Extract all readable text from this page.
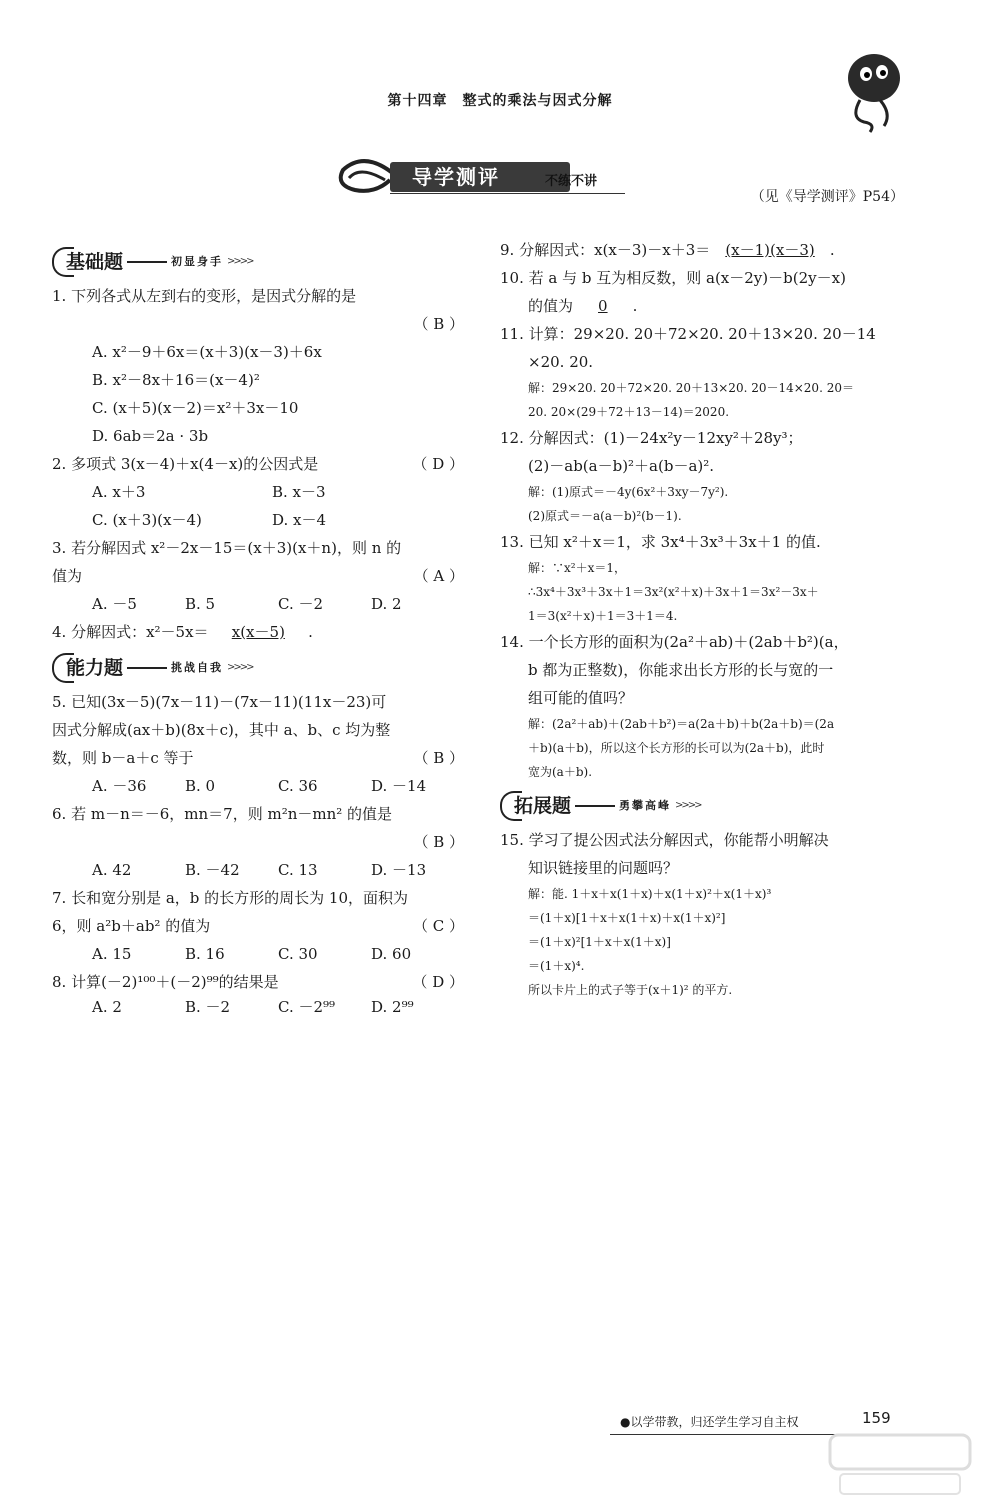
第十四章　整式的乘法与因式分解
导学测评	不练不讲
（见《导学测评》P54）
基础题	初显身手 >>>>
1. 下列各式从左到右的变形，是因式分解的是
（ B ）
A. x²－9＋6x＝(x＋3)(x－3)＋6x
B. x²－8x＋16＝(x－4)²
C. (x＋5)(x－2)＝x²＋3x－10
D. 6ab＝2a · 3b
2. 多项式 3(x－4)＋x(4－x)的公因式是	（ D ）
A. x＋3	B. x－3
C. (x＋3)(x－4)	D. x－4
3. 若分解因式 x²－2x－15＝(x＋3)(x＋n)，则 n 的
值为	（ A ）
A. －5	B. 5	C. －2	D. 2
4. 分解因式：x²－5x＝ x(x－5) .
能力题	挑战自我 >>>>
5. 已知(3x－5)(7x－11)－(7x－11)(11x－23)可
因式分解成(ax＋b)(8x＋c)，其中 a、b、c 均为整
数，则 b－a＋c 等于	（ B ）
A. －36	B. 0	C. 36	D. －14
6. 若 m－n＝－6，mn＝7，则 m²n－mn² 的值是
（ B ）
A. 42	B. －42	C. 13	D. －13
7. 长和宽分别是 a，b 的长方形的周长为 10，面积为
6，则 a²b＋ab² 的值为	（ C ）
A. 15	B. 16	C. 30	D. 60
8. 计算(－2)¹⁰⁰＋(－2)⁹⁹的结果是	（ D ）
A. 2	B. －2	C. －2⁹⁹	D. 2⁹⁹
9. 分解因式：x(x－3)－x＋3＝ (x－1)(x－3) .
10. 若 a 与 b 互为相反数，则 a(x－2y)－b(2y－x)
的值为 0 .
11. 计算：29×20. 20＋72×20. 20＋13×20. 20－14
×20. 20.
解：29×20. 20＋72×20. 20＋13×20. 20－14×20. 20＝
20. 20×(29＋72＋13－14)＝2020.
12. 分解因式：(1)－24x²y－12xy²＋28y³；
(2)－ab(a－b)²＋a(b－a)².
解：(1)原式＝－4y(6x²＋3xy－7y²).
(2)原式＝－a(a－b)²(b－1).
13. 已知 x²＋x＝1，求 3x⁴＋3x³＋3x＋1 的值.
解：∵x²＋x＝1，
∴3x⁴＋3x³＋3x＋1＝3x²(x²＋x)＋3x＋1＝3x²－3x＋
1＝3(x²＋x)＋1＝3＋1＝4.
14. 一个长方形的面积为(2a²＋ab)＋(2ab＋b²)(a，
b 都为正整数)，你能求出长方形的长与宽的一
组可能的值吗？
解：(2a²＋ab)＋(2ab＋b²)＝a(2a＋b)＋b(2a＋b)＝(2a
＋b)(a＋b)，所以这个长方形的长可以为(2a＋b)，此时
宽为(a＋b).
拓展题	勇攀高峰 >>>>
15. 学习了提公因式法分解因式，你能帮小明解决
知识链接里的问题吗？
解：能. 1＋x＋x(1＋x)＋x(1＋x)²＋x(1＋x)³
＝(1＋x)[1＋x＋x(1＋x)＋x(1＋x)²]
＝(1＋x)²[1＋x＋x(1＋x)]
＝(1＋x)⁴.
所以卡片上的式子等于(x＋1)² 的平方.
●以学带教，归还学生学习自主权	159
